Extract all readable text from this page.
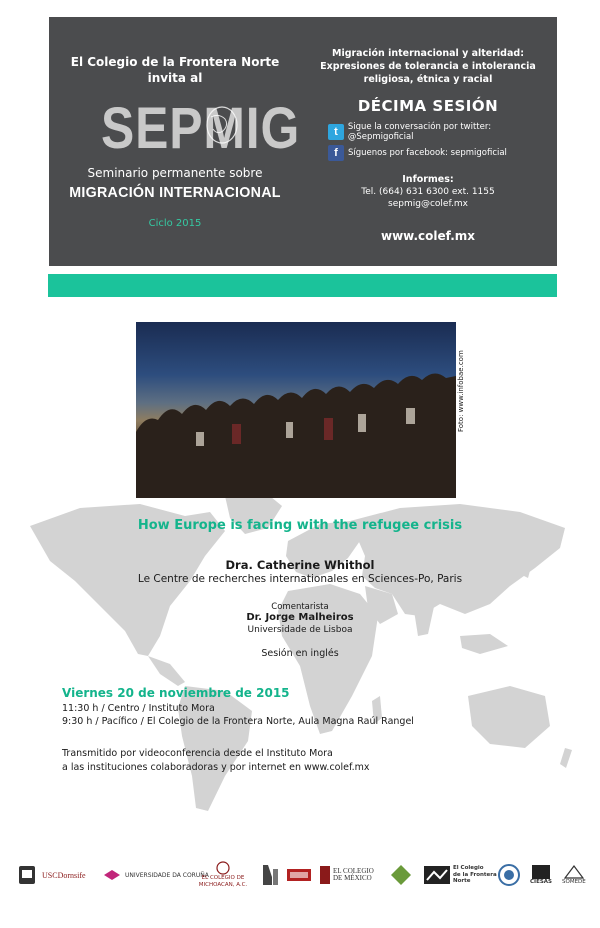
El Colegio de la Frontera Norte
invita al
SEPMIG
Seminario permanente sobre
MIGRACIÓN INTERNACIONAL
Ciclo 2015
Migración internacional y alteridad:
Expresiones de tolerancia e intolerancia
religiosa, étnica y racial
DÉCIMA SESIÓN
t	Sigue la conversación por twitter: @Sepmigoficial
f	Síguenos por facebook: sepmigoficial
Informes:
Tel. (664) 631 6300 ext. 1155
sepmig@colef.mx
www.colef.mx
Foto: www.infobae.com
How Europe is facing with the refugee crisis
Dra. Catherine Whithol
Le Centre de recherches internationales en Sciences-Po, Paris
Comentarista
Dr. Jorge Malheiros
Universidade de Lisboa
Sesión en inglés
Viernes 20 de noviembre de 2015
11:30 h / Centro / Instituto Mora
9:30 h / Pacífico / El Colegio de la Frontera Norte, Aula Magna Raúl Rangel
Transmitido por videoconferencia desde el Instituto Mora
a las instituciones colaboradoras y por internet en www.colef.mx
USCDornsife	UNIVERSIDADE DA CORUÑA
EL COLEGIO DE MICHOACAN, A.C.
EL COLEGIO DE MÉXICO
El Colegio
de la Frontera
Norte	CIESAS SOMEDE
